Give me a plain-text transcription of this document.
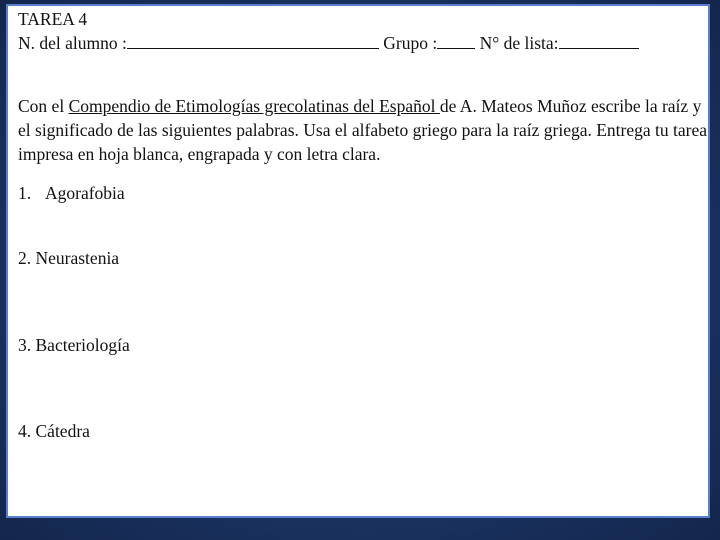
TAREA 4
N. del alumno :	Grupo : N° de lista:
Con el Compendio de Etimologías grecolatinas del Español de A. Mateos Muñoz escribe la raíz y el significado de las siguientes palabras. Usa el alfabeto griego para la raíz griega. Entrega tu tarea impresa en hoja blanca, engrapada y con letra clara.
1. Agorafobia
2. Neurastenia
3. Bacteriología
4. Cátedra
